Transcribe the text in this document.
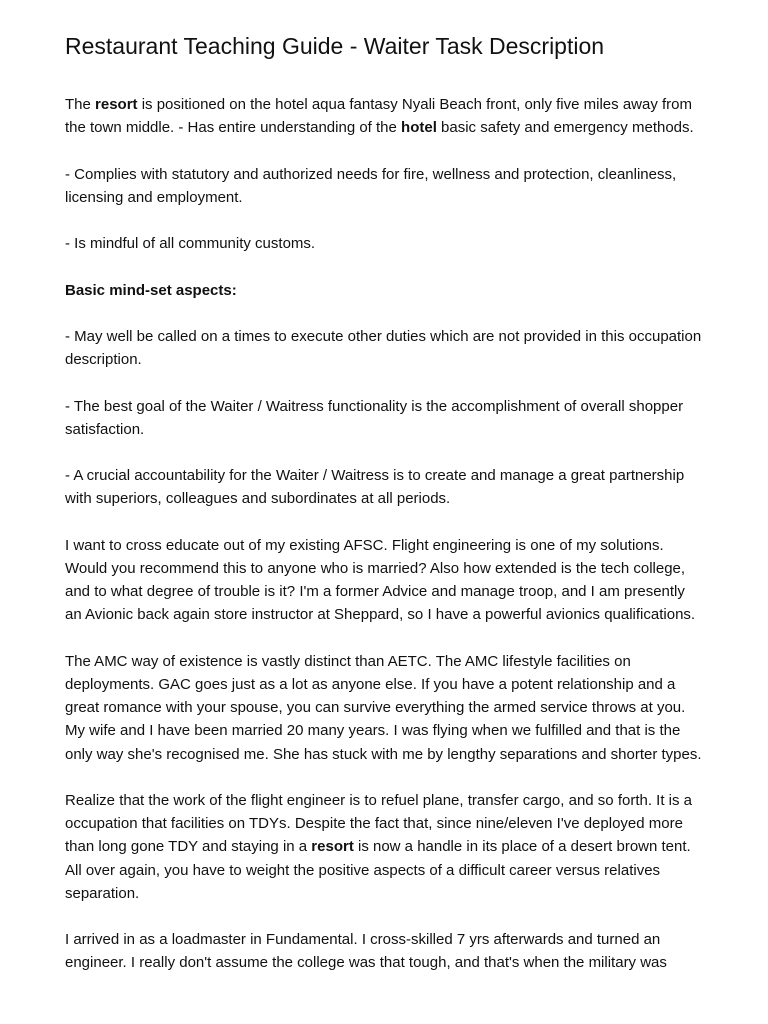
Restaurant Teaching Guide - Waiter Task Description

The resort is positioned on the hotel aqua fantasy Nyali Beach front, only five miles away from the town middle. - Has entire understanding of the hotel basic safety and emergency methods.

- Complies with statutory and authorized needs for fire, wellness and protection, cleanliness, licensing and employment.

- Is mindful of all community customs.

Basic mind-set aspects:

- May well be called on a times to execute other duties which are not provided in this occupation description.

- The best goal of the Waiter / Waitress functionality is the accomplishment of overall shopper satisfaction.

- A crucial accountability for the Waiter / Waitress is to create and manage a great partnership with superiors, colleagues and subordinates at all periods.

I want to cross educate out of my existing AFSC. Flight engineering is one of my solutions. Would you recommend this to anyone who is married? Also how extended is the tech college, and to what degree of trouble is it? I'm a former Advice and manage troop, and I am presently an Avionic back again store instructor at Sheppard, so I have a powerful avionics qualifications.

The AMC way of existence is vastly distinct than AETC. The AMC lifestyle facilities on deployments. GAC goes just as a lot as anyone else. If you have a potent relationship and a great romance with your spouse, you can survive everything the armed service throws at you. My wife and I have been married 20 many years. I was flying when we fulfilled and that is the only way she's recognised me. She has stuck with me by lengthy separations and shorter types.

Realize that the work of the flight engineer is to refuel plane, transfer cargo, and so forth. It is a occupation that facilities on TDYs. Despite the fact that, since nine/eleven I've deployed more than long gone TDY and staying in a resort is now a handle in its place of a desert brown tent. All over again, you have to weight the positive aspects of a difficult career versus relatives separation.

I arrived in as a loadmaster in Fundamental. I cross-skilled 7 yrs afterwards and turned an engineer. I really don't assume the college was that tough, and that's when the military was
